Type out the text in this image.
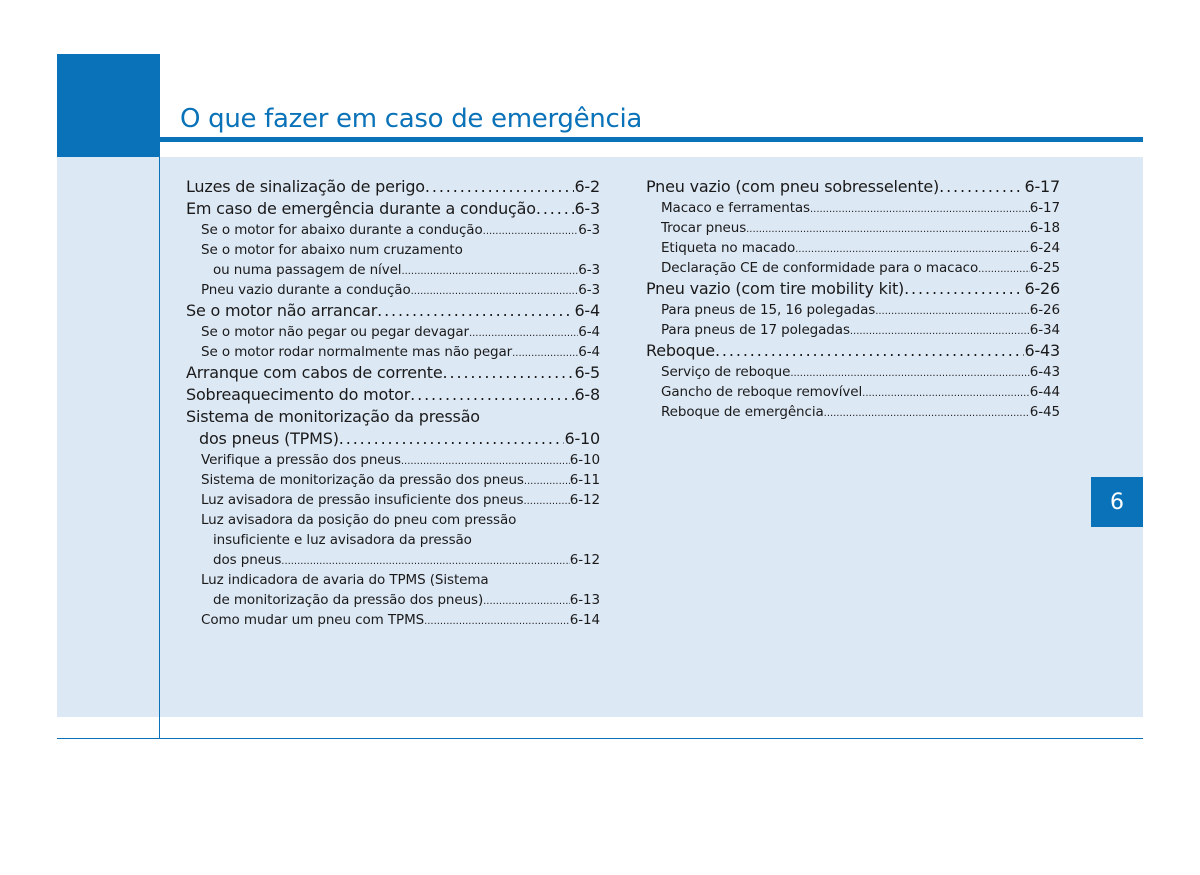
O que fazer em caso de emergência
6
Luzes de sinalização de perigo . . .	6-2
Em caso de emergência durante a condução . . . 6-3
Se o motor for abaixo durante a condução . . .	6-3
Se o motor for abaixo num cruzamento
ou numa passagem de nível . . .	6-3
Pneu vazio durante a condução . . .	6-3
Se o motor não arrancar . . .	6-4
Se o motor não pegar ou pegar devagar . . .	6-4
Se o motor rodar normalmente mas não pegar . . .	6-4
Arranque com cabos de corrente . . .	6-5
Sobreaquecimento do motor . . .	6-8
Sistema de monitorização da pressão
dos pneus (TPMS) . . .	6-10
Verifique a pressão dos pneus . . .	6-10
Sistema de monitorização da pressão dos pneus . . .	6-11
Luz avisadora de pressão insuficiente dos pneus . . .	6-12
Luz avisadora da posição do pneu com pressão
insuficiente e luz avisadora da pressão
dos pneus . . .	6-12
Luz indicadora de avaria do TPMS (Sistema
de monitorização da pressão dos pneus) . . .	6-13
Como mudar um pneu com TPMS . . .	6-14
Pneu vazio (com pneu sobresselente) . . .	6-17
Macaco e ferramentas . . .	6-17
Trocar pneus . . .	6-18
Etiqueta no macado . . .	6-24
Declaração CE de conformidade para o macaco . . .	6-25
Pneu vazio (com tire mobility kit) . . .	6-26
Para pneus de 15, 16 polegadas . . .	6-26
Para pneus de 17 polegadas . . .	6-34
Reboque . . .	6-43
Serviço de reboque . . .	6-43
Gancho de reboque removível . . .	6-44
Reboque de emergência . . .	6-45
